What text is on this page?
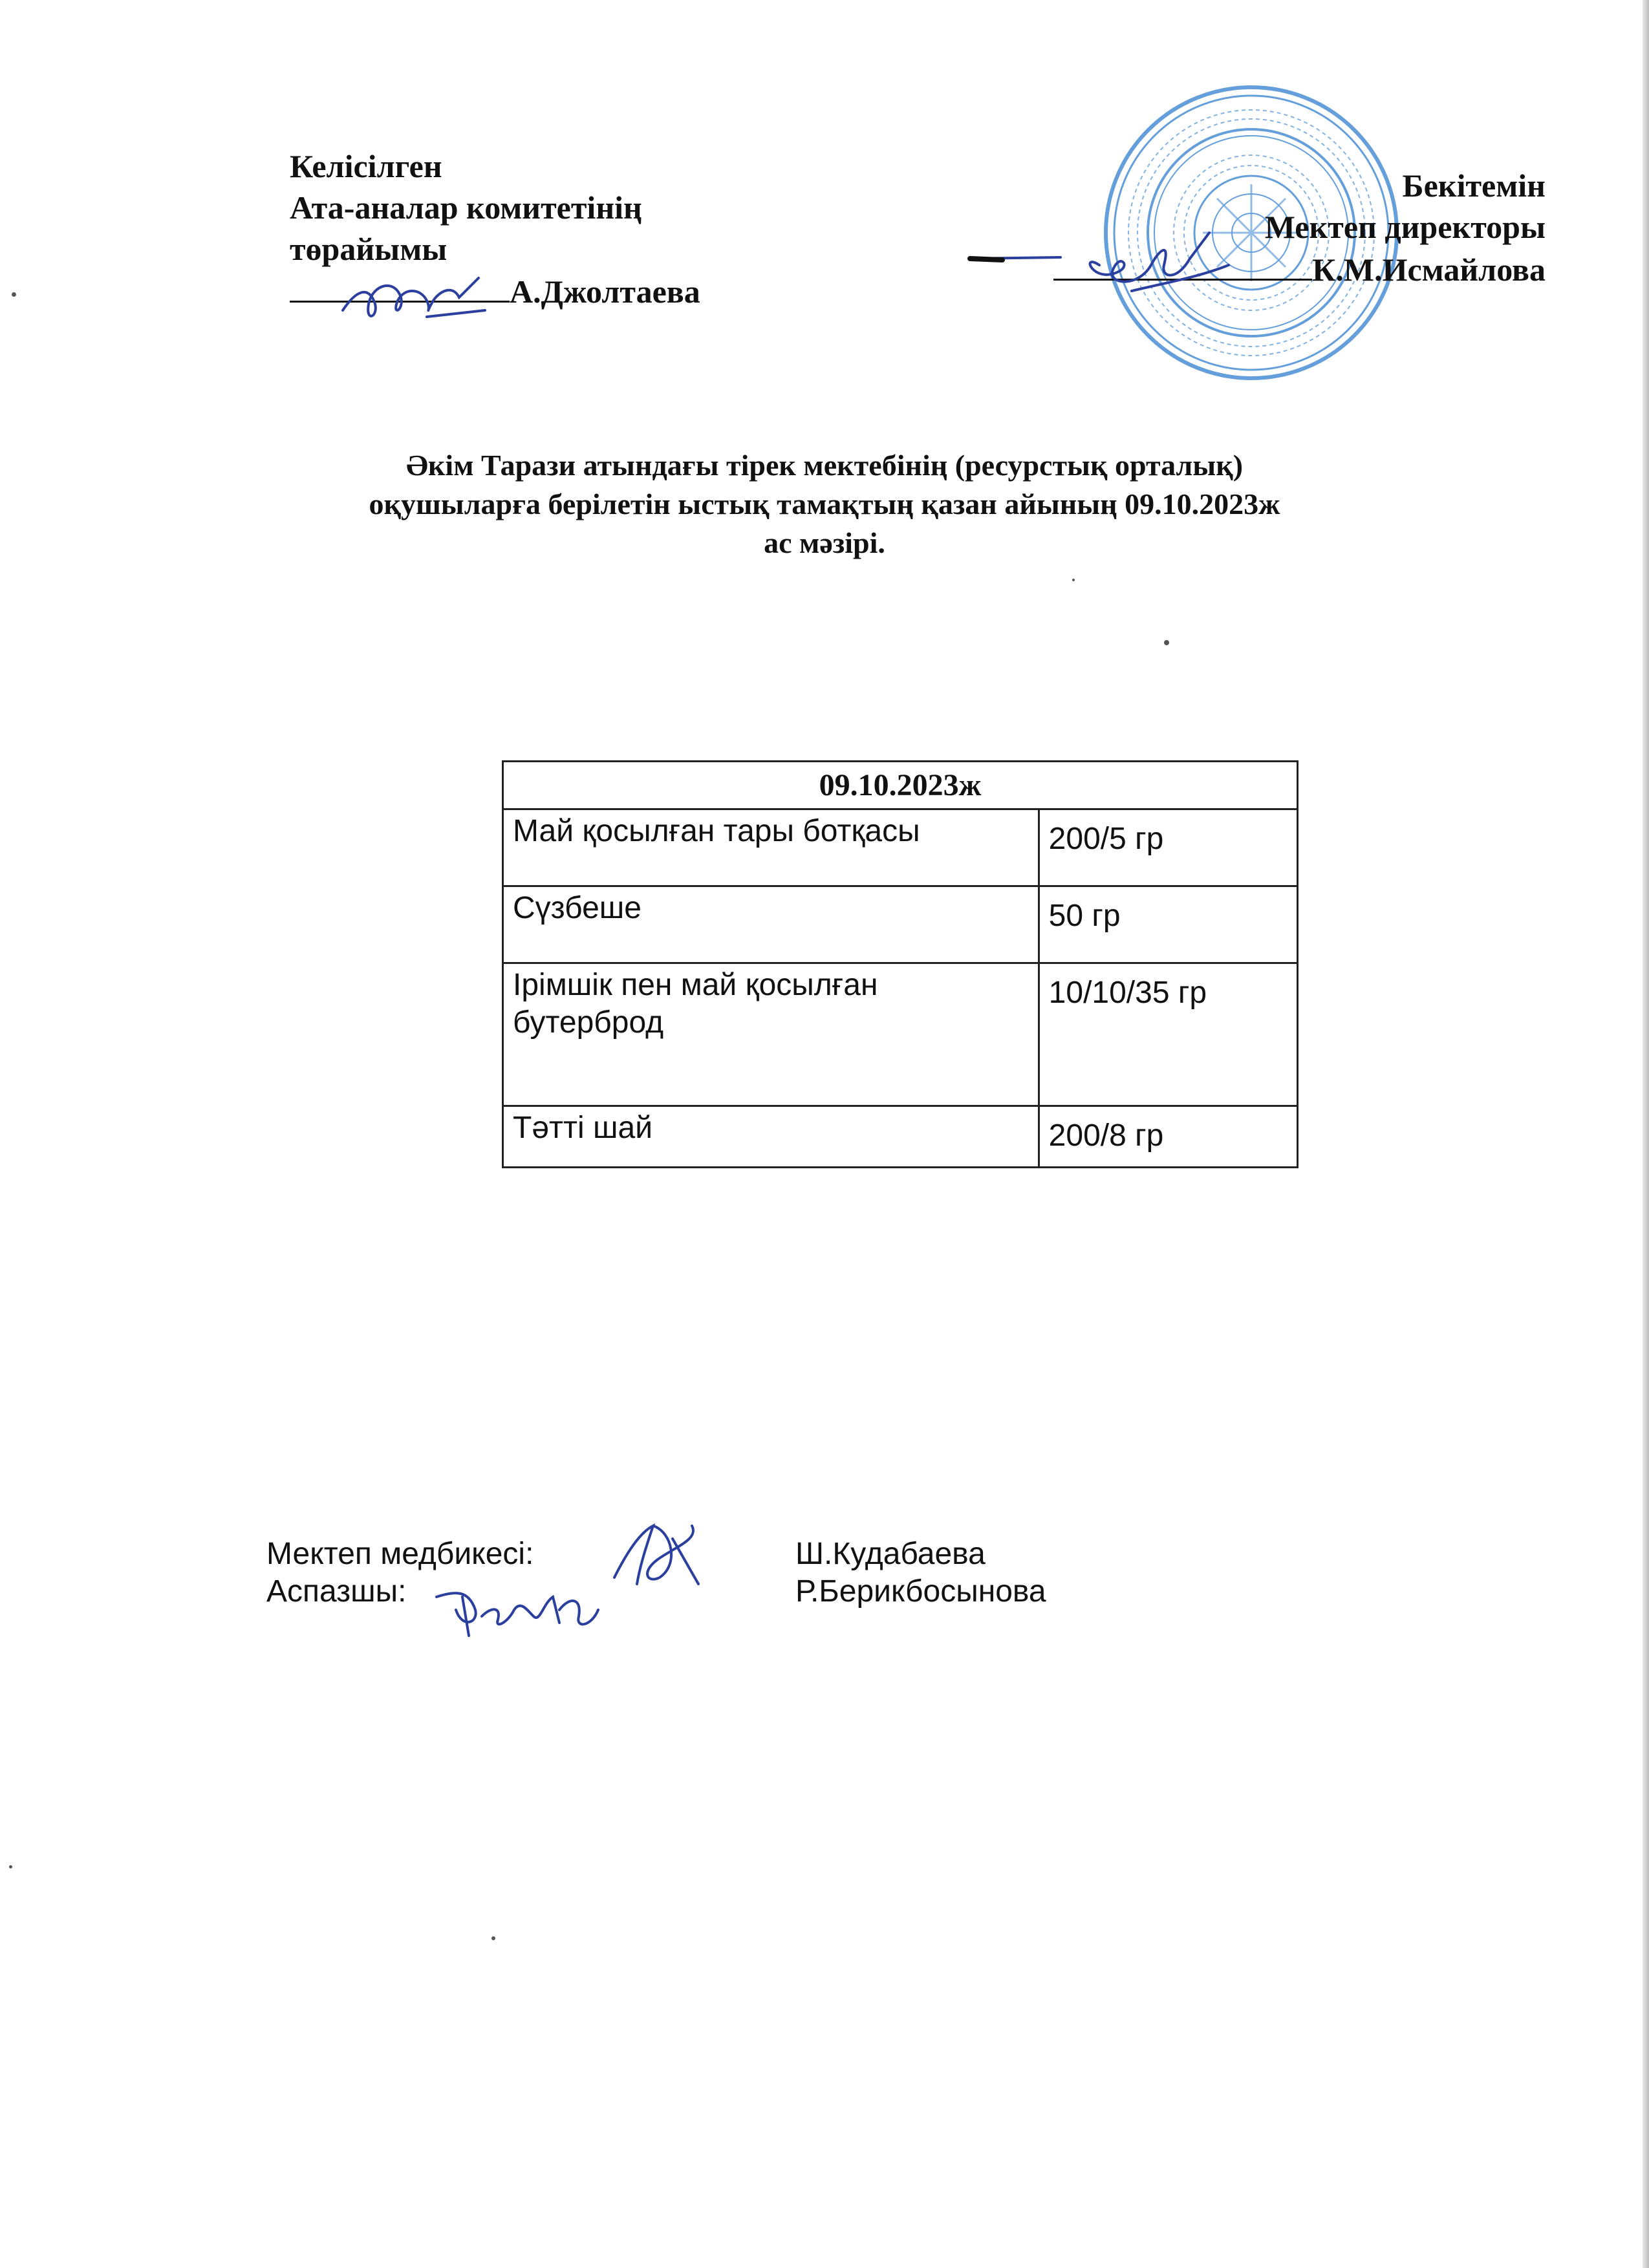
Келісілген
Ата-аналар комитетінің
төрайымы
А.Джолтаева
Бекітемін
Мектеп директоры
К.М.Исмайлова
Әкім Тарази атындағы тірек мектебінің (ресурстық орталық)
оқушыларға берілетін ыстық тамақтың қазан айының 09.10.2023ж
ас мәзірі.
09.10.2023ж	
Май қосылған тары ботқасы	200/5 гр
Сүзбеше	50 гр
Ірімшік пен май қосылған бутерброд	10/10/35 гр
Тәтті шай	200/8 гр
Мектеп медбикесі:	Ш.Кудабаева
Аспазшы:	Р.Берикбосынова
